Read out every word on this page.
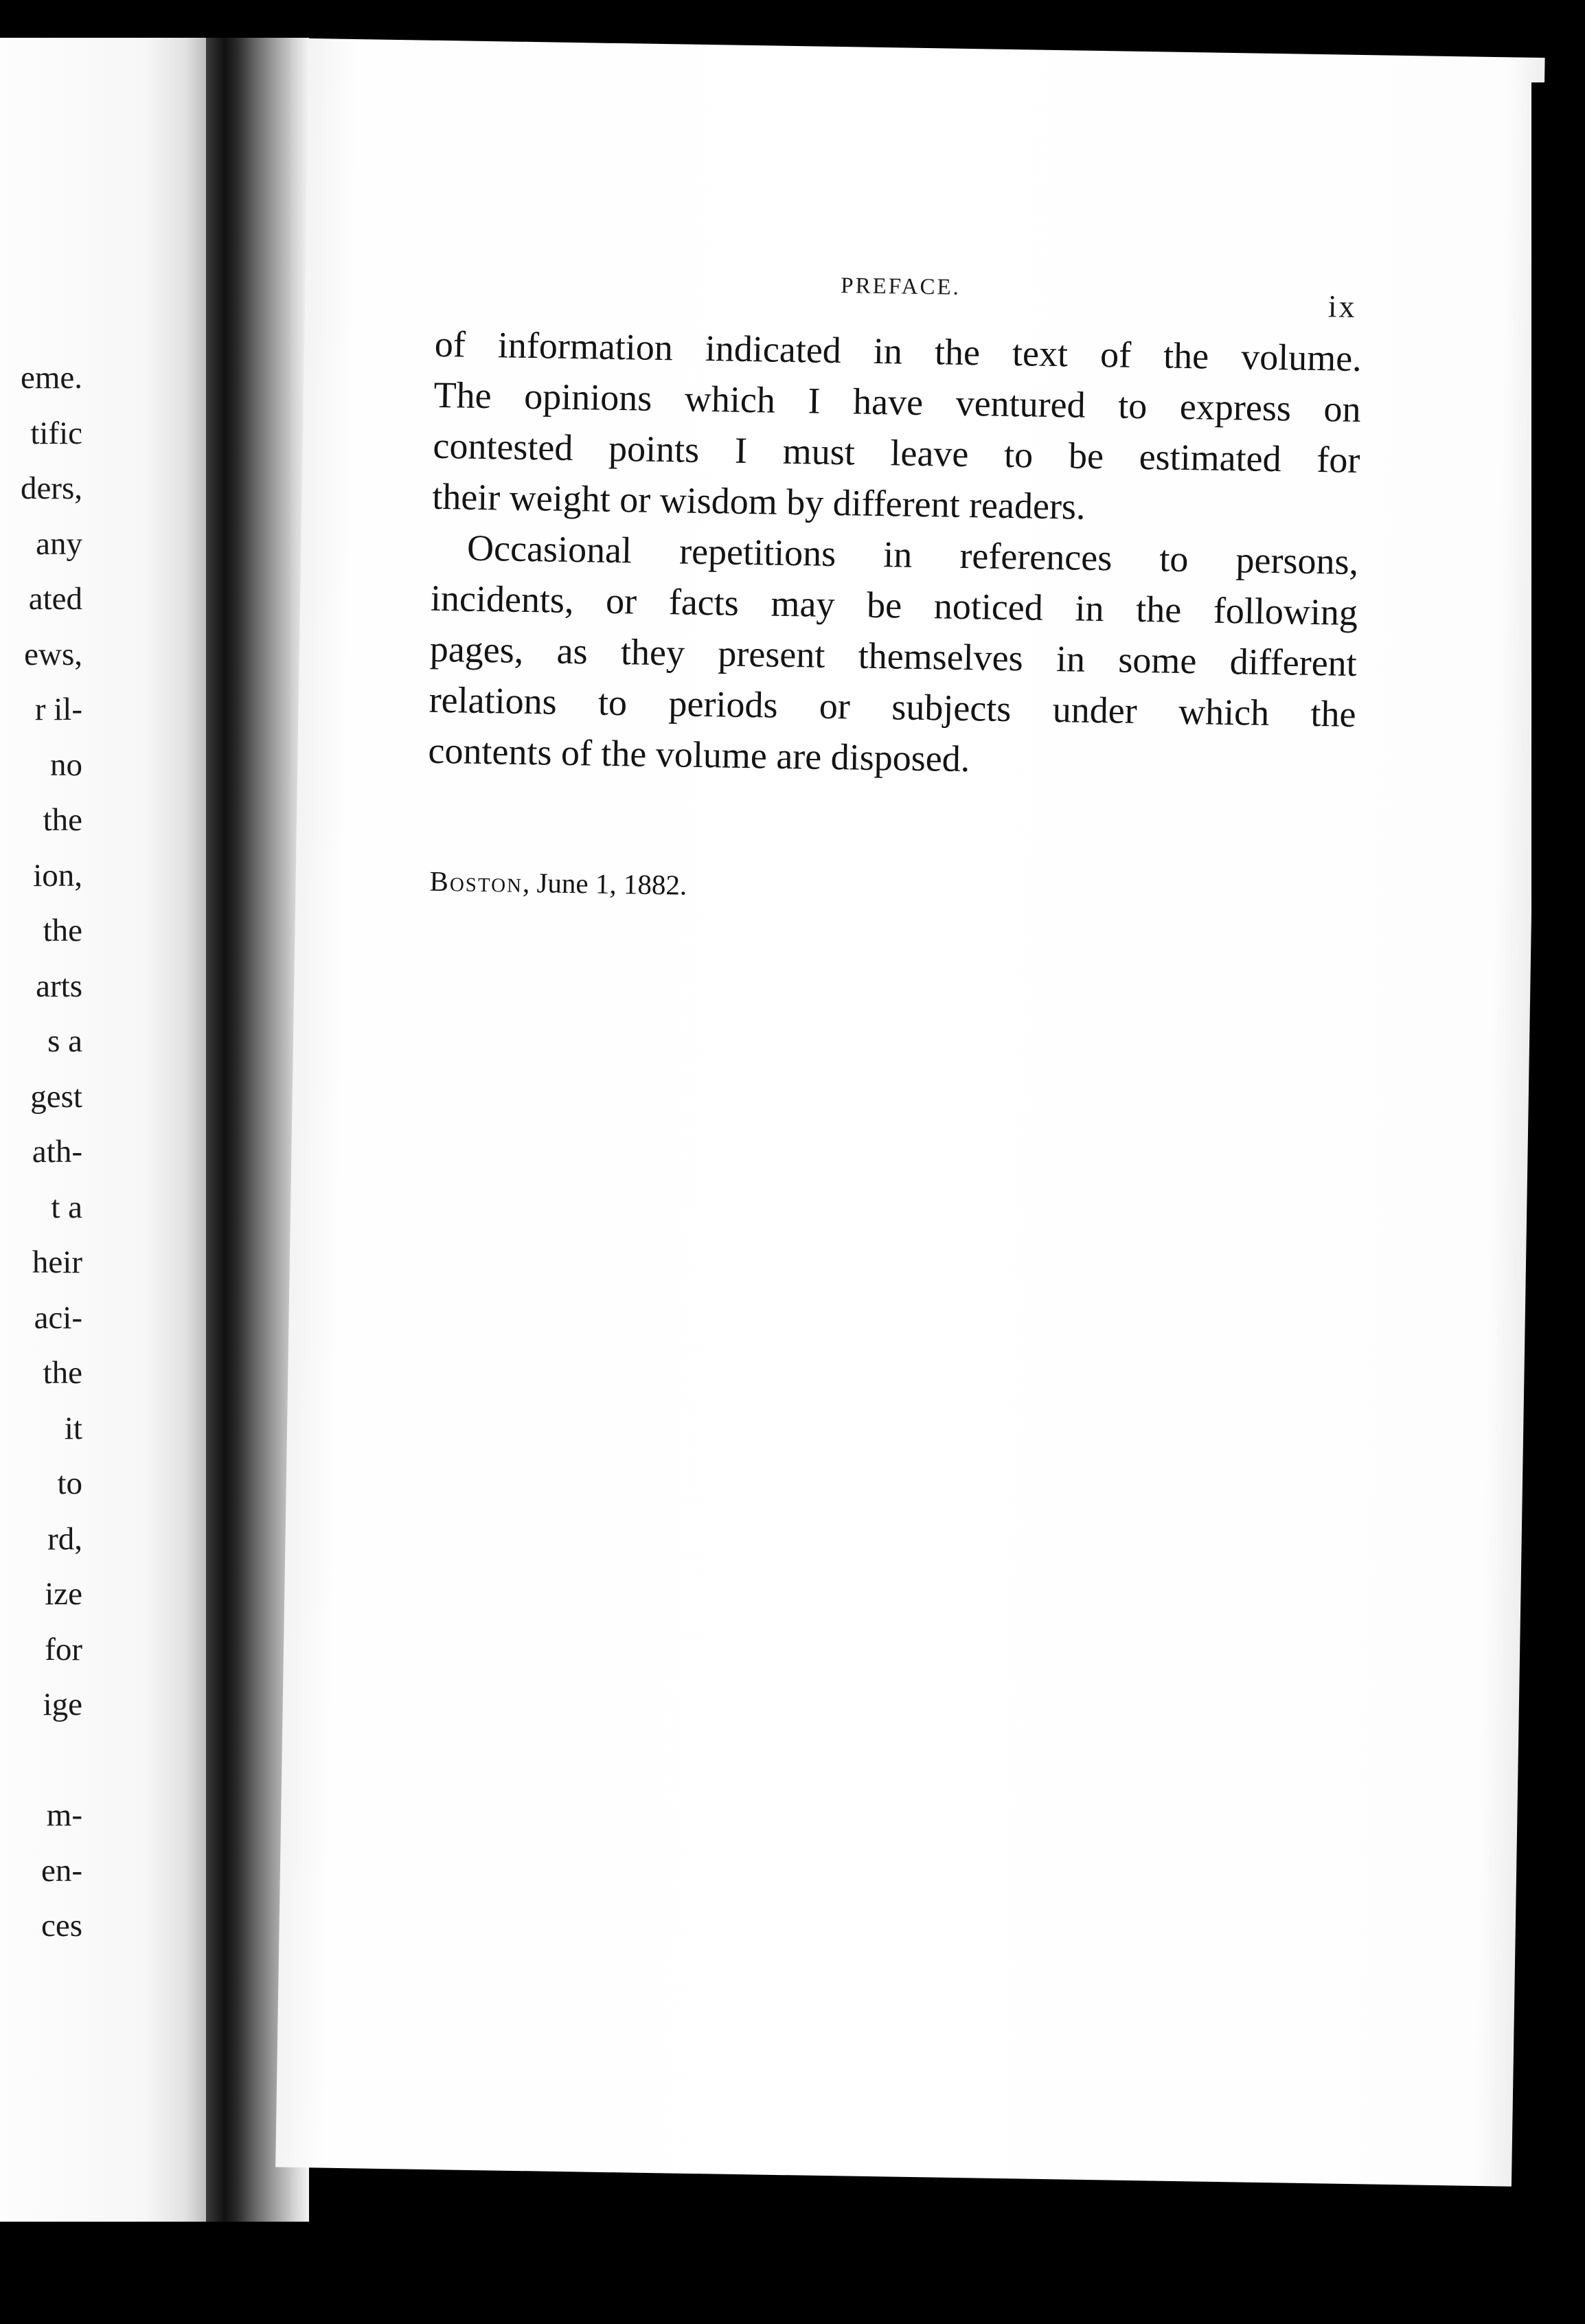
eme.
tific
ders,
any
ated
ews,
r il-
no
the
ion,
the
arts
s a
gest
ath-
t a
heir
aci-
the
it
to
rd,
ize
for
ige
m-
en-
ces
PREFACE.
ix
of information indicated in the text of the volume.
The opinions which I have ventured to express on
contested points I must leave to be estimated for
their weight or wisdom by different readers.
Occasional repetitions in references to persons,
incidents, or facts may be noticed in the following
pages, as they present themselves in some different
relations to periods or subjects under which the
contents of the volume are disposed.
Boston, June 1, 1882.
